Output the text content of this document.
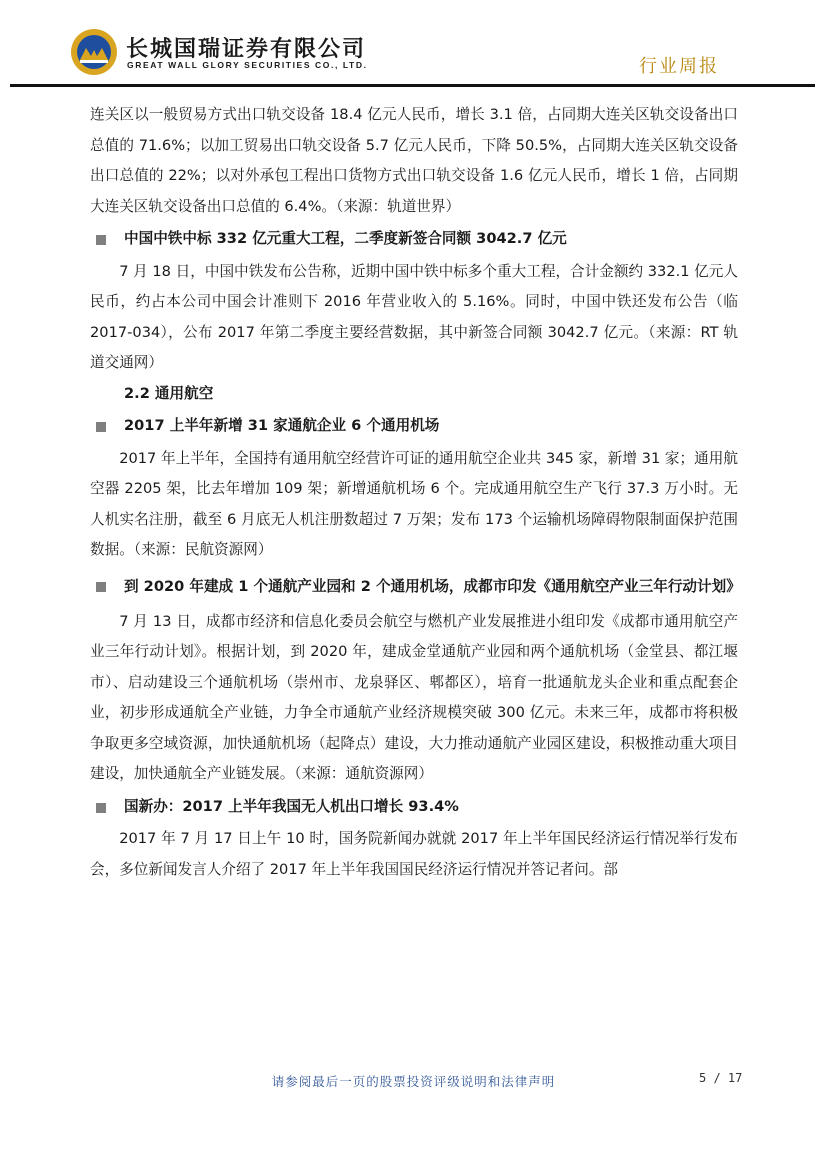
长城国瑞证券有限公司
GREAT WALL GLORY SECURITIES CO., LTD.	行业周报

连关区以一般贸易方式出口轨交设备 18.4 亿元人民币，增长 3.1 倍，占同期大连关区轨交设备出口总值的 71.6%；以加工贸易出口轨交设备 5.7 亿元人民币，下降 50.5%，占同期大连关区轨交设备出口总值的 22%；以对外承包工程出口货物方式出口轨交设备 1.6 亿元人民币，增长 1 倍，占同期大连关区轨交设备出口总值的 6.4%。（来源：轨道世界）

中国中铁中标 332 亿元重大工程，二季度新签合同额 3042.7 亿元

7 月 18 日，中国中铁发布公告称，近期中国中铁中标多个重大工程，合计金额约 332.1 亿元人民币，约占本公司中国会计准则下 2016 年营业收入的 5.16%。同时，中国中铁还发布公告（临 2017-034），公布 2017 年第二季度主要经营数据，其中新签合同额 3042.7 亿元。（来源：RT 轨道交通网）

2.2 通用航空
2017 上半年新增 31 家通航企业 6 个通用机场

2017 年上半年，全国持有通用航空经营许可证的通用航空企业共 345 家，新增 31 家；通用航空器 2205 架，比去年增加 109 架；新增通航机场 6 个。完成通用航空生产飞行 37.3 万小时。无人机实名注册，截至 6 月底无人机注册数超过 7 万架；发布 173 个运输机场障碍物限制面保护范围数据。（来源：民航资源网）

到 2020 年建成 1 个通航产业园和 2 个通用机场，成都市印发《通用航空产业三年行动计划》

7 月 13 日，成都市经济和信息化委员会航空与燃机产业发展推进小组印发《成都市通用航空产业三年行动计划》。根据计划，到 2020 年，建成金堂通航产业园和两个通航机场（金堂县、都江堰市）、启动建设三个通航机场（崇州市、龙泉驿区、郫都区），培育一批通航龙头企业和重点配套企业，初步形成通航全产业链，力争全市通航产业经济规模突破 300 亿元。未来三年，成都市将积极争取更多空域资源，加快通航机场（起降点）建设，大力推动通航产业园区建设，积极推动重大项目建设，加快通航全产业链发展。（来源：通航资源网）

国新办：2017 上半年我国无人机出口增长 93.4%

2017 年 7 月 17 日上午 10 时，国务院新闻办就就 2017 年上半年国民经济运行情况举行发布会，多位新闻发言人介绍了 2017 年上半年我国国民经济运行情况并答记者问。部

请参阅最后一页的股票投资评级说明和法律声明	5 / 17
